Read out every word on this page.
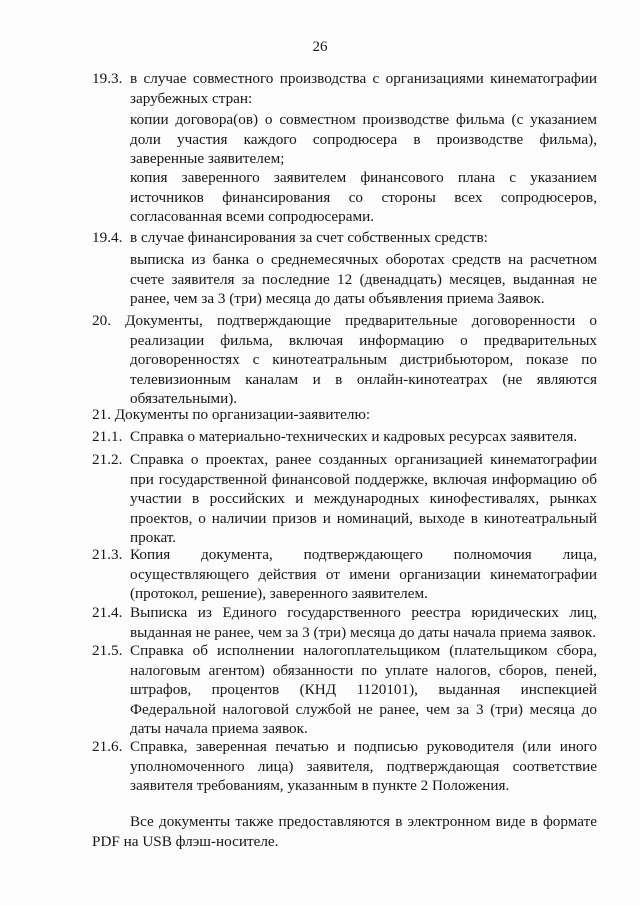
26
19.3. в случае совместного производства с организациями кинематографии зарубежных стран:
копии договора(ов) о совместном производстве фильма (с указанием доли участия каждого сопродюсера в производстве фильма), заверенные заявителем;
копия заверенного заявителем финансового плана с указанием источников финансирования со стороны всех сопродюсеров, согласованная всеми сопродюсерами.
19.4. в случае финансирования за счет собственных средств:
выписка из банка о среднемесячных оборотах средств на расчетном счете заявителя за последние 12 (двенадцать) месяцев, выданная не ранее, чем за 3 (три) месяца до даты объявления приема Заявок.
20. Документы, подтверждающие предварительные договоренности о реализации фильма, включая информацию о предварительных договоренностях с кинотеатральным дистрибьютором, показе по телевизионным каналам и в онлайн-кинотеатрах (не являются обязательными).
21. Документы по организации-заявителю:
21.1. Справка о материально-технических и кадровых ресурсах заявителя.
21.2. Справка о проектах, ранее созданных организацией кинематографии при государственной финансовой поддержке, включая информацию об участии в российских и международных кинофестивалях, рынках проектов, о наличии призов и номинаций, выходе в кинотеатральный прокат.
21.3. Копия документа, подтверждающего полномочия лица, осуществляющего действия от имени организации кинематографии (протокол, решение), заверенного заявителем.
21.4. Выписка из Единого государственного реестра юридических лиц, выданная не ранее, чем за 3 (три) месяца до даты начала приема заявок.
21.5. Справка об исполнении налогоплательщиком (плательщиком сбора, налоговым агентом) обязанности по уплате налогов, сборов, пеней, штрафов, процентов (КНД 1120101), выданная инспекцией Федеральной налоговой службой не ранее, чем за 3 (три) месяца до даты начала приема заявок.
21.6. Справка, заверенная печатью и подписью руководителя (или иного уполномоченного лица) заявителя, подтверждающая соответствие заявителя требованиям, указанным в пункте 2 Положения.
Все документы также предоставляются в электронном виде в формате PDF на USB флэш-носителе.
